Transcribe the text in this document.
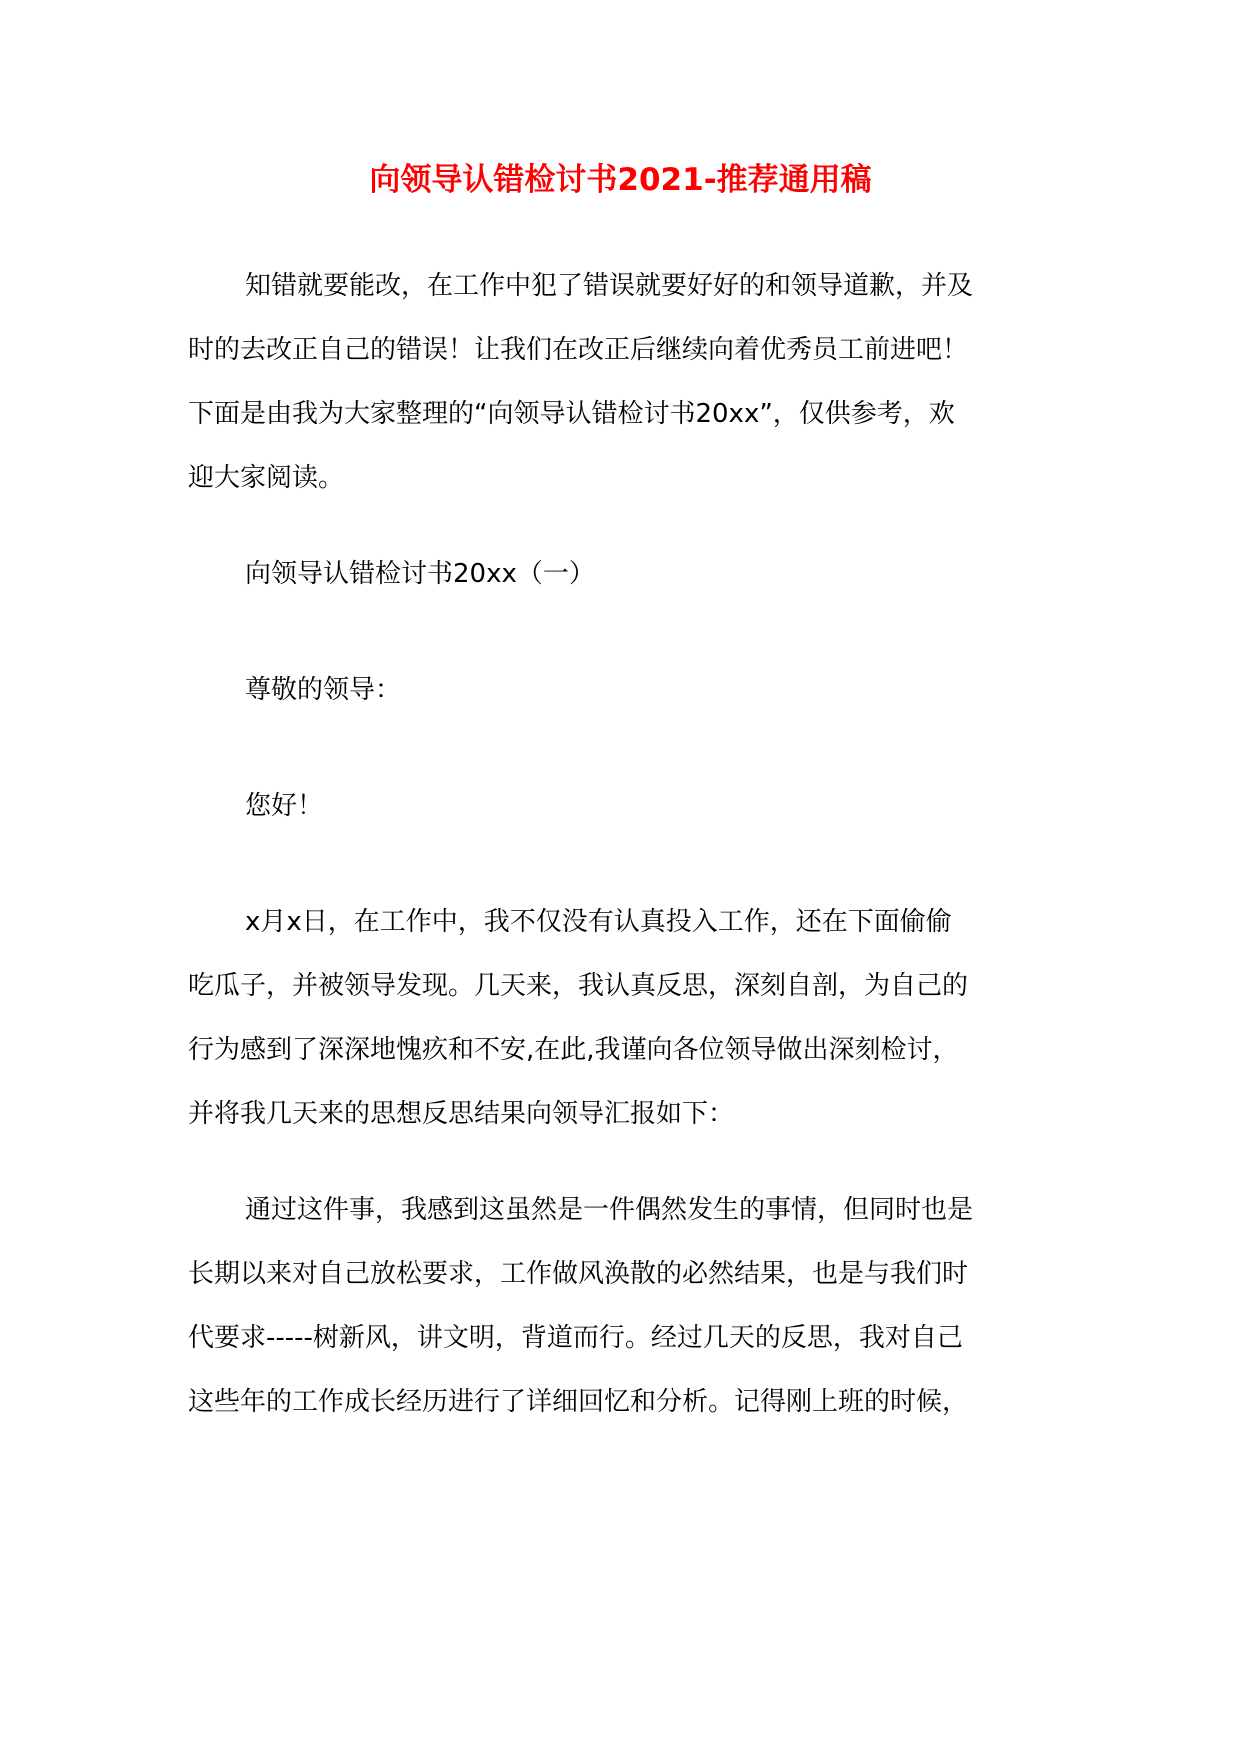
向领导认错检讨书2021-推荐通用稿
知错就要能改，在工作中犯了错误就要好好的和领导道歉，并及
时的去改正自己的错误！让我们在改正后继续向着优秀员工前进吧！
下面是由我为大家整理的“向领导认错检讨书20xx”，仅供参考，欢
迎大家阅读。
向领导认错检讨书20xx（一）
尊敬的领导：
您好！
x月x日，在工作中，我不仅没有认真投入工作，还在下面偷偷
吃瓜子，并被领导发现。几天来，我认真反思，深刻自剖，为自己的
行为感到了深深地愧疚和不安,在此,我谨向各位领导做出深刻检讨，
并将我几天来的思想反思结果向领导汇报如下：
通过这件事，我感到这虽然是一件偶然发生的事情，但同时也是
长期以来对自己放松要求，工作做风涣散的必然结果，也是与我们时
代要求-----树新风，讲文明，背道而行。经过几天的反思，我对自己
这些年的工作成长经历进行了详细回忆和分析。记得刚上班的时候，
